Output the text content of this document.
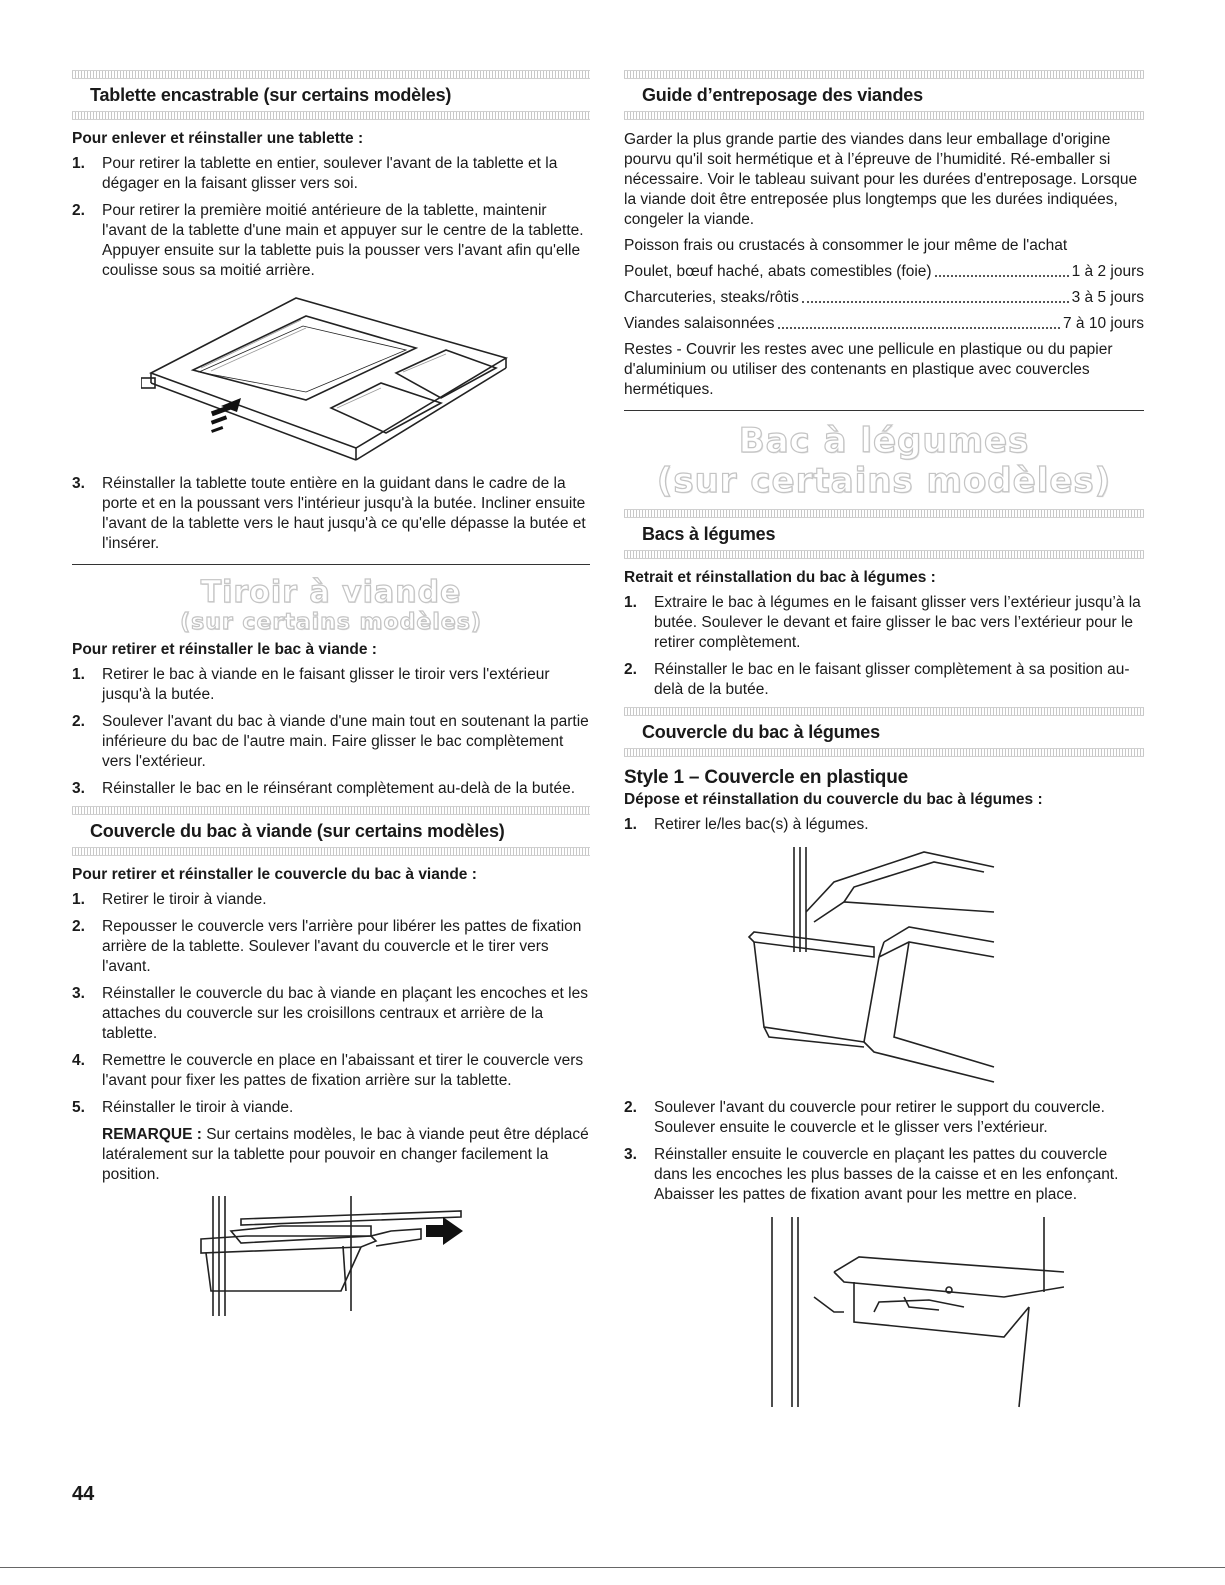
Tablette encastrable (sur certains modèles)
Pour enlever et réinstaller une tablette :
1. Pour retirer la tablette en entier, soulever l'avant de la tablette et la dégager en la faisant glisser vers soi.
2. Pour retirer la première moitié antérieure de la tablette, maintenir l'avant de la tablette d'une main et appuyer sur le centre de la tablette. Appuyer ensuite sur la tablette puis la pousser vers l'avant afin qu'elle coulisse sous sa moitié arrière.
3. Réinstaller la tablette toute entière en la guidant dans le cadre de la porte et en la poussant vers l'intérieur jusqu'à la butée. Incliner ensuite l'avant de la tablette vers le haut jusqu'à ce qu'elle dépasse la butée et l'insérer.
Tiroir à viande
(sur certains modèles)
Pour retirer et réinstaller le bac à viande :
1. Retirer le bac à viande en le faisant glisser le tiroir vers l'extérieur jusqu'à la butée.
2. Soulever l'avant du bac à viande d'une main tout en soutenant la partie inférieure du bac de l'autre main. Faire glisser le bac complètement vers l'extérieur.
3. Réinstaller le bac en le réinsérant complètement au-delà de la butée.
Couvercle du bac à viande (sur certains modèles)
Pour retirer et réinstaller le couvercle du bac à viande :
1. Retirer le tiroir à viande.
2. Repousser le couvercle vers l'arrière pour libérer les pattes de fixation arrière de la tablette. Soulever l'avant du couvercle et le tirer vers l'avant.
3. Réinstaller le couvercle du bac à viande en plaçant les encoches et les attaches du couvercle sur les croisillons centraux et arrière de la tablette.
4. Remettre le couvercle en place en l'abaissant et tirer le couvercle vers l'avant pour fixer les pattes de fixation arrière sur la tablette.
5. Réinstaller le tiroir à viande.

REMARQUE : Sur certains modèles, le bac à viande peut être déplacé latéralement sur la tablette pour pouvoir en changer facilement la position.

Guide d’entreposage des viandes

Garder la plus grande partie des viandes dans leur emballage d'origine pourvu qu'il soit hermétique et à l’épreuve de l’humidité. Ré-emballer si nécessaire. Voir le tableau suivant pour les durées d'entreposage. Lorsque la viande doit être entreposée plus longtemps que les durées indiquées, congeler la viande.

Poisson frais ou crustacés à consommer le jour même de l'achat

Poulet, bœuf haché, abats comestibles (foie)	1 à 2 jours
Charcuteries, steaks/rôtis	3 à 5 jours
Viandes salaisonnées	7 à 10 jours

Restes - Couvrir les restes avec une pellicule en plastique ou du papier d'aluminium ou utiliser des contenants en plastique avec couvercles hermétiques.

Bac à légumes
(sur certains modèles)
Bacs à légumes
Retrait et réinstallation du bac à légumes :
1. Extraire le bac à légumes en le faisant glisser vers l’extérieur jusqu’à la butée. Soulever le devant et faire glisser le bac vers l’extérieur pour le retirer complètement.
2. Réinstaller le bac en le faisant glisser complètement à sa position au-delà de la butée.
Couvercle du bac à légumes
Style 1 – Couvercle en plastique
Dépose et réinstallation du couvercle du bac à légumes :
1. Retirer le/les bac(s) à légumes.
2. Soulever l'avant du couvercle pour retirer le support du couvercle. Soulever ensuite le couvercle et le glisser vers l’extérieur.
3. Réinstaller ensuite le couvercle en plaçant les pattes du couvercle dans les encoches les plus basses de la caisse et en les enfonçant. Abaisser les pattes de fixation avant pour les mettre en place.
44
